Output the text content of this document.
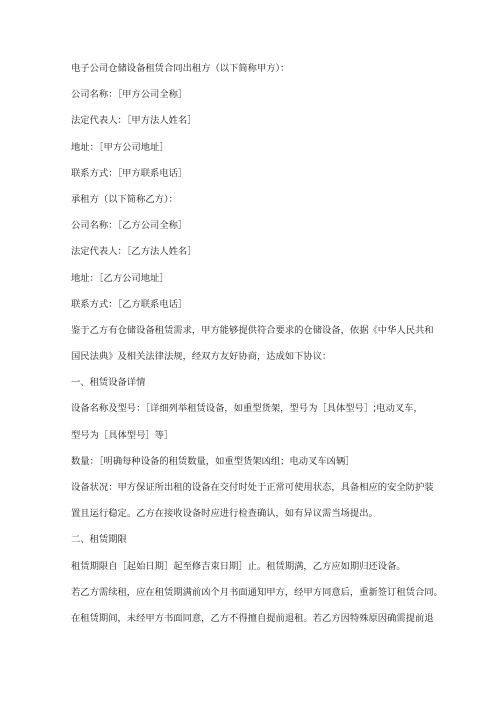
电子公司仓储设备租赁合同出租方（以下简称甲方）：
公司名称：［甲方公司全称］
法定代表人：［甲方法人姓名］
地址：［甲方公司地址］
联系方式：［甲方联系电话］
承租方（以下简称乙方）：
公司名称：［乙方公司全称］
法定代表人：［乙方法人姓名］
地址：［乙方公司地址］
联系方式：［乙方联系电话］
鉴于乙方有仓储设备租赁需求，甲方能够提供符合要求的仓储设备，依据《中华人民共和
国民法典》及相关法律法规，经双方友好协商，达成如下协议：
一、租赁设备详情
设备名称及型号：［详细列举租赁设备，如重型货架，型号为［具体型号］;电动叉车，
型号为［具体型号］等］
数量：［明确每种设备的租赁数量，如重型货架凶组；电动叉车凶辆］
设备状况：甲方保证所出租的设备在交付时处于正常可使用状态，具备相应的安全防护装
置且运行稳定。乙方在接收设备时应进行检查确认，如有异议需当场提出。
二、租赁期限
租赁期限自［起始日期］起至修吉束日期］止。租赁期满，乙方应如期归还设备。
若乙方需续租，应在租赁期满前凶个月书面通知甲方，经甲方同意后，重新签订租赁合同。
在租赁期间，未经甲方书面同意，乙方不得擅自提前退租。若乙方因特殊原因确需提前退
